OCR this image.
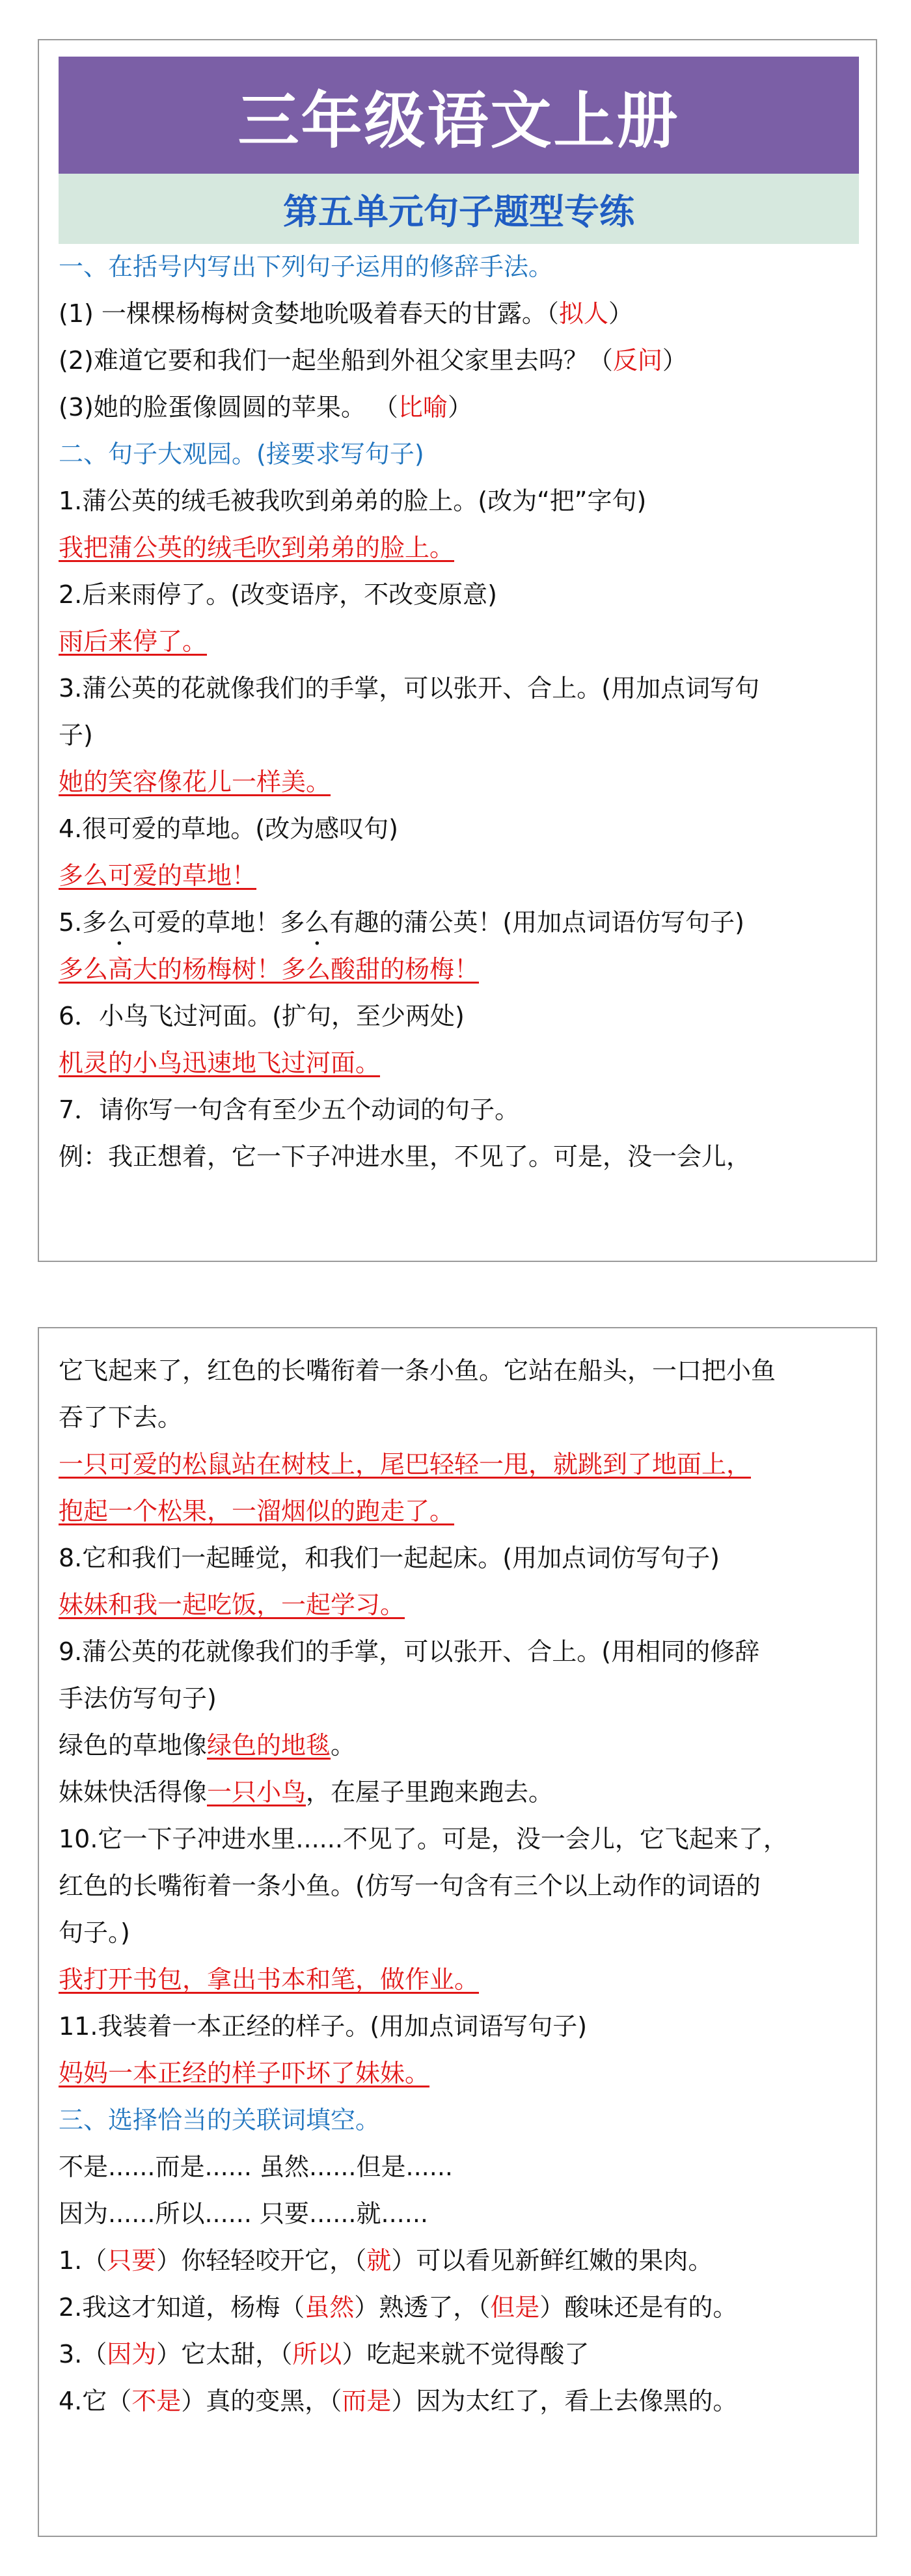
三年级语文上册
第五单元句子题型专练
一、在括号内写出下列句子运用的修辞手法。
(1) 一棵棵杨梅树贪婪地吮吸着春天的甘露。（拟人）
(2)难道它要和我们一起坐船到外祖父家里去吗？（反问）
(3)她的脸蛋像圆圆的苹果。 （比喻）
二、句子大观园。(接要求写句子)
1.蒲公英的绒毛被我吹到弟弟的脸上。(改为“把”字句)
我把蒲公英的绒毛吹到弟弟的脸上。
2.后来雨停了。(改变语序，不改变原意)
雨后来停了。
3.蒲公英的花就像我们的手掌，可以张开、合上。(用加点词写句
子)
她的笑容像花儿一样美。
4.很可爱的草地。(改为感叹句)
多么可爱的草地！
5.多么可爱的草地！多么有趣的蒲公英！(用加点词语仿写句子)
多么高大的杨梅树！多么酸甜的杨梅！
6．小鸟飞过河面。(扩句，至少两处)
机灵的小鸟迅速地飞过河面。
7．请你写一句含有至少五个动词的句子。
例：我正想着，它一下子冲进水里，不见了。可是，没一会儿，
它飞起来了，红色的长嘴衔着一条小鱼。它站在船头，一口把小鱼
吞了下去。
一只可爱的松鼠站在树枝上，尾巴轻轻一甩，就跳到了地面上，
抱起一个松果，一溜烟似的跑走了。
8.它和我们一起睡觉，和我们一起起床。(用加点词仿写句子)
妹妹和我一起吃饭，一起学习。
9.蒲公英的花就像我们的手掌，可以张开、合上。(用相同的修辞
手法仿写句子)
绿色的草地像绿色的地毯。
妹妹快活得像一只小鸟，在屋子里跑来跑去。
10.它一下子冲进水里......不见了。可是，没一会儿，它飞起来了，
红色的长嘴衔着一条小鱼。(仿写一句含有三个以上动作的词语的
句子。)
我打开书包，拿出书本和笔，做作业。
11.我装着一本正经的样子。(用加点词语写句子)
妈妈一本正经的样子吓坏了妹妹。
三、选择恰当的关联词填空。
不是......而是...... 虽然......但是......
因为......所以...... 只要......就......
1.（只要）你轻轻咬开它，（就）可以看见新鲜红嫩的果肉。
2.我这才知道，杨梅（虽然）熟透了，（但是）酸味还是有的。
3.（因为）它太甜，（所以）吃起来就不觉得酸了
4.它（不是）真的变黑，（而是）因为太红了，看上去像黑的。
